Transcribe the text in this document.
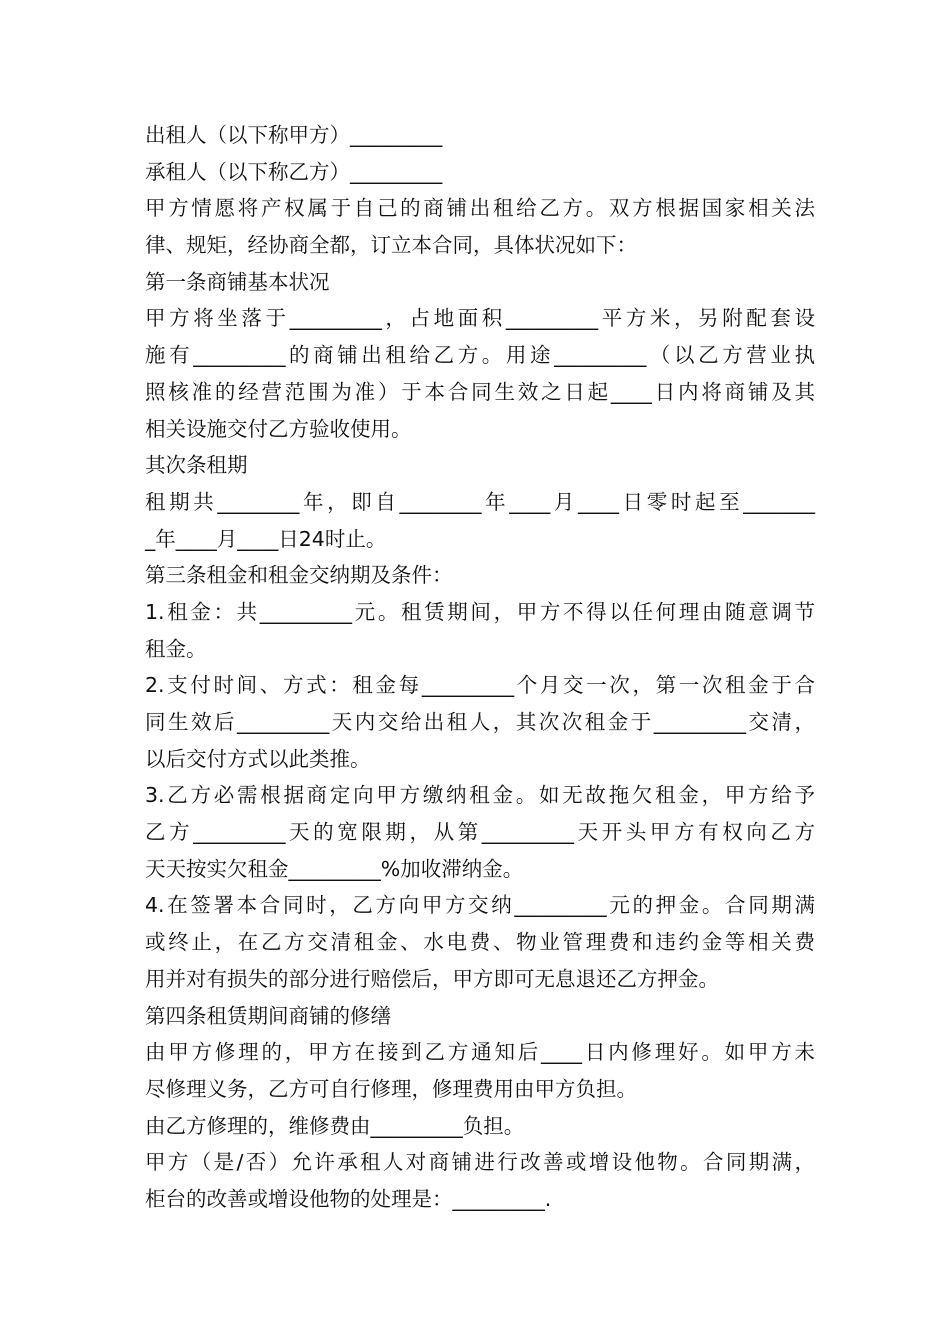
出租人（以下称甲方）_________
承租人（以下称乙方）_________
甲方情愿将产权属于自己的商铺出租给乙方。双方根据国家相关法
律、规矩，经协商全都，订立本合同，具体状况如下：
第一条商铺基本状况
甲方将坐落于_________，占地面积_________平方米，另附配套设
施有_________的商铺出租给乙方。用途_________（以乙方营业执
照核准的经营范围为准）于本合同生效之日起____日内将商铺及其
相关设施交付乙方验收使用。
其次条租期
租期共________年，即自________年____月____日零时起至_______
_年____月____日24时止。
第三条租金和租金交纳期及条件：
1.租金：共_________元。租赁期间，甲方不得以任何理由随意调节
租金。
2.支付时间、方式：租金每_________个月交一次，第一次租金于合
同生效后_________天内交给出租人，其次次租金于_________交清，
以后交付方式以此类推。
3.乙方必需根据商定向甲方缴纳租金。如无故拖欠租金，甲方给予
乙方_________天的宽限期，从第_________天开头甲方有权向乙方
天天按实欠租金_________%加收滞纳金。
4.在签署本合同时，乙方向甲方交纳_________元的押金。合同期满
或终止，在乙方交清租金、水电费、物业管理费和违约金等相关费
用并对有损失的部分进行赔偿后，甲方即可无息退还乙方押金。
第四条租赁期间商铺的修缮
由甲方修理的，甲方在接到乙方通知后____日内修理好。如甲方未
尽修理义务，乙方可自行修理，修理费用由甲方负担。
由乙方修理的，维修费由_________负担。
甲方（是/否）允许承租人对商铺进行改善或增设他物。合同期满，
柜台的改善或增设他物的处理是：_________.
